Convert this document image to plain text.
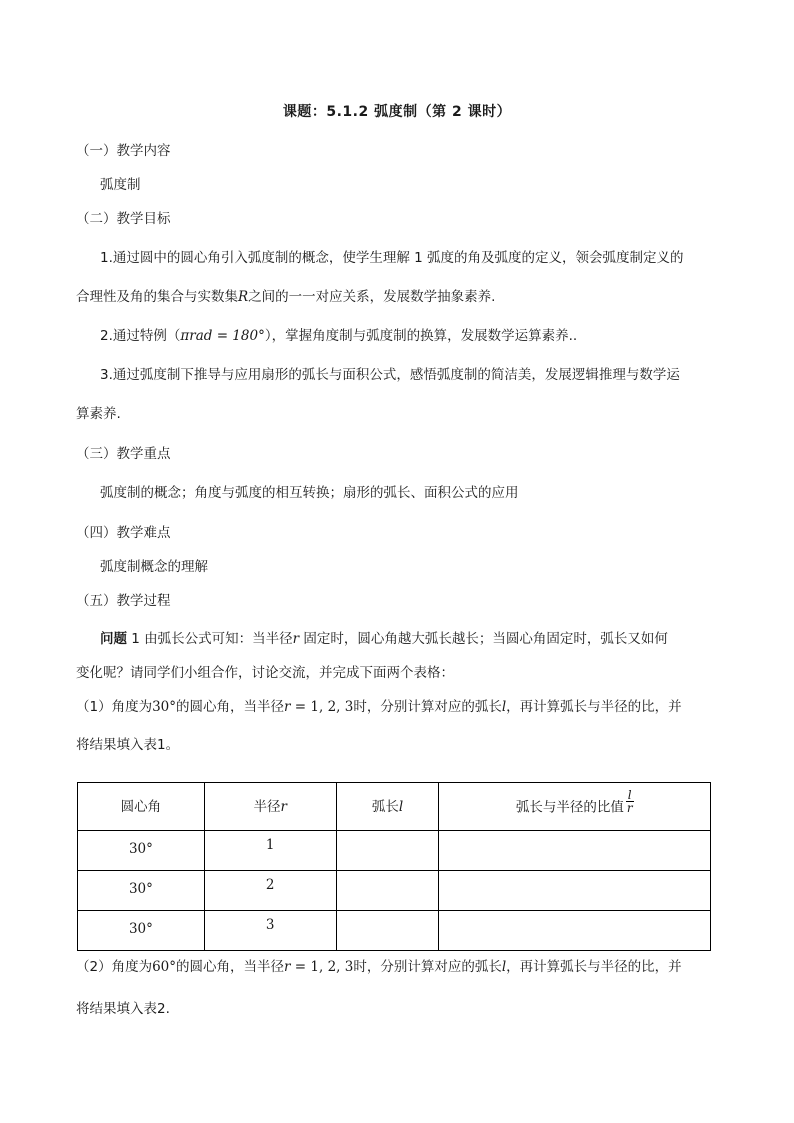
课题：5.1.2 弧度制（第 2 课时）
（一）教学内容
弧度制
（二）教学目标
1.通过圆中的圆心角引入弧度制的概念，使学生理解 1 弧度的角及弧度的定义，领会弧度制定义的
合理性及角的集合与实数集R之间的一一对应关系，发展数学抽象素养.
2.通过特例（πrad = 180°），掌握角度制与弧度制的换算，发展数学运算素养..
3.通过弧度制下推导与应用扇形的弧长与面积公式，感悟弧度制的简洁美，发展逻辑推理与数学运
算素养.
（三）教学重点
弧度制的概念；角度与弧度的相互转换；扇形的弧长、面积公式的应用
（四）教学难点
弧度制概念的理解
（五）教学过程
问题 1 由弧长公式可知：当半径r 固定时，圆心角越大弧长越长；当圆心角固定时，弧长又如何
变化呢？请同学们小组合作，讨论交流，并完成下面两个表格：
（1）角度为30°的圆心角，当半径r = 1, 2, 3时，分别计算对应的弧长l，再计算弧长与半径的比，并
将结果填入表1。
圆心角	半径r	弧长l	弧长与半径的比值 $\frac{l}{r}$

30°	1		
30°	2		
30°	3		
（2）角度为60°的圆心角，当半径r = 1, 2, 3时，分别计算对应的弧长l，再计算弧长与半径的比，并
将结果填入表2.
